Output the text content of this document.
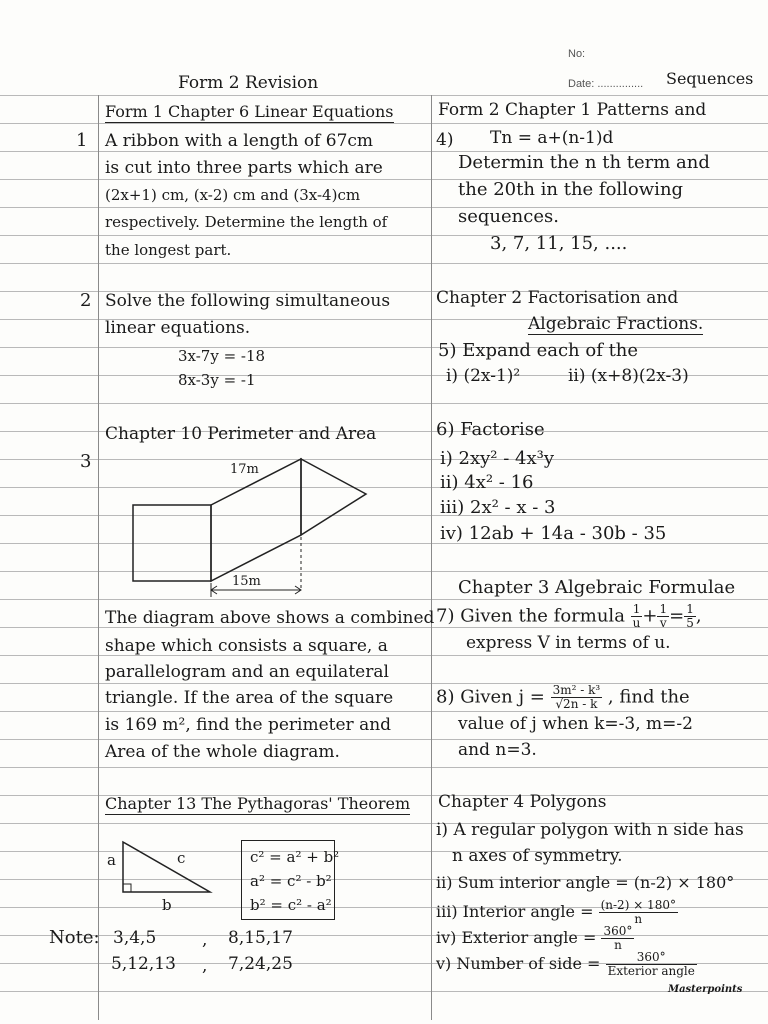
No:
Date: ............... Sequences
Form 2 Revision
Form 1 Chapter 6 Linear Equations
1 A ribbon with a length of 67cm
is cut into three parts which are
(2x+1) cm, (x-2) cm and (3x-4)cm
respectively. Determine the length of
the longest part.
2 Solve the following simultaneous
linear equations.
3x-7y = -18
8x-3y = -1
Chapter 10 Perimeter and Area
3	17m
15m
The diagram above shows a combined
shape which consists a square, a
parallelogram and an equilateral
triangle. If the area of the square
is 169 m², find the perimeter and
Area of the whole diagram.
Chapter 13 The Pythagoras' Theorem
a	c
b
c² = a² + b²
a² = c² - b²
b² = c² - a²
Note: 3,4,5	, 8,15,17
5,12,13 , 7,24,25
Form 2 Chapter 1 Patterns and
4) Tn = a+(n-1)d
Determin the n th term and
the 20th in the following
sequences.
3, 7, 11, 15, ....
Chapter 2 Factorisation and
Algebraic Fractions.
5) Expand each of the
i) (2x-1)²	ii) (x+8)(2x-3)
6) Factorise
i) 2xy² - 4x³y
ii) 4x² - 16
iii) 2x² - x - 3
iv) 12ab + 14a - 30b - 35
Chapter 3 Algebraic Formulae
7) Given the formula $\frac{1}{u} + \frac{1}{v} = \frac{1}{5}$ ,
express V in terms of u.
8) Given $j = \frac{\text{3m² - k³}}{√2n - k}$ , find the
value of j when k=-3, m=-2
and n=3.
Chapter 4 Polygons
i) A regular polygon with n side has
n axes of symmetry.
ii) Sum interior angle = (n-2) × 180°
iii) Interior angle = $\frac{(n-2) \times 180^\circ}{n}$
iv) Exterior angle = $\frac{360^\circ}{n}$
v) Number of side = $\frac{360^\circ}{\text{Exterior angle}}$
Masterpoints
